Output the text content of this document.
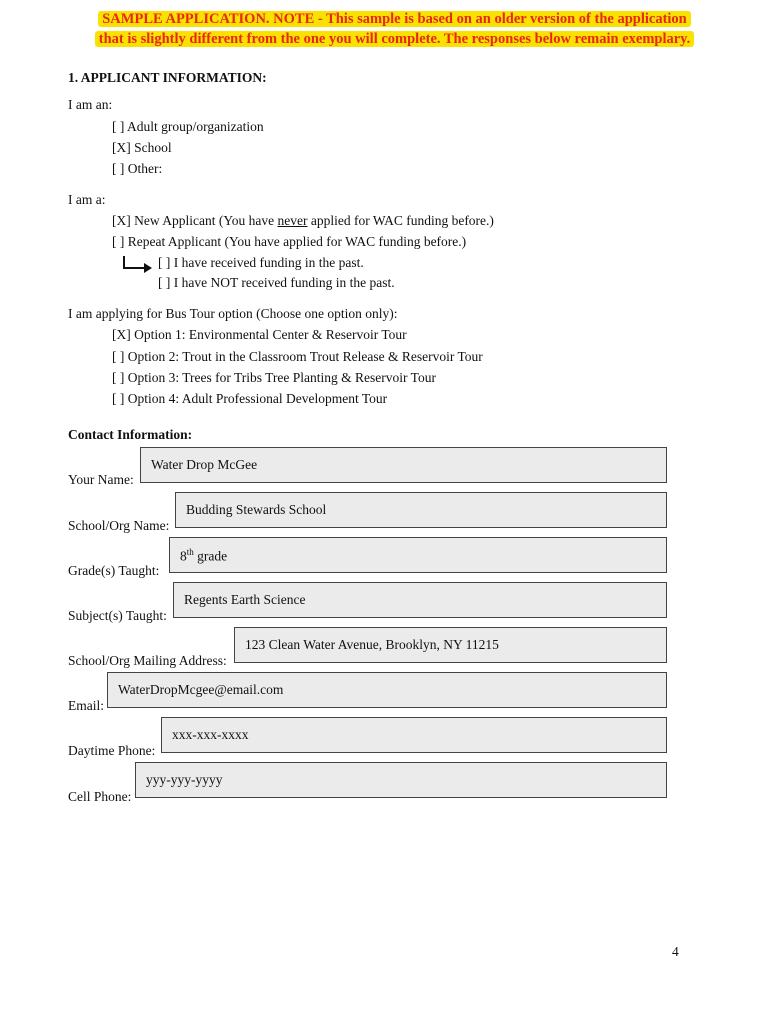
SAMPLE APPLICATION. NOTE - This sample is based on an older version of the application
that is slightly different from the one you will complete. The responses below remain exemplary.
1. APPLICANT INFORMATION:
I am an:
[ ] Adult group/organization
[X] School
[ ] Other:
I am a:
[X] New Applicant (You have never applied for WAC funding before.)
[ ] Repeat Applicant (You have applied for WAC funding before.)
[ ] I have received funding in the past.
[ ] I have NOT received funding in the past.
I am applying for Bus Tour option (Choose one option only):
[X] Option 1: Environmental Center & Reservoir Tour
[ ] Option 2: Trout in the Classroom Trout Release & Reservoir Tour
[ ] Option 3: Trees for Tribs Tree Planting & Reservoir Tour
[ ] Option 4: Adult Professional Development Tour
Contact Information:
Your Name:
Water Drop McGee
School/Org Name:
Budding Stewards School
Grade(s) Taught:
8th grade
Subject(s) Taught:
Regents Earth Science
School/Org Mailing Address:
123 Clean Water Avenue, Brooklyn, NY 11215
Email:
WaterDropMcgee@email.com
Daytime Phone:
xxx-xxx-xxxx
Cell Phone:
yyy-yyy-yyyy
4
